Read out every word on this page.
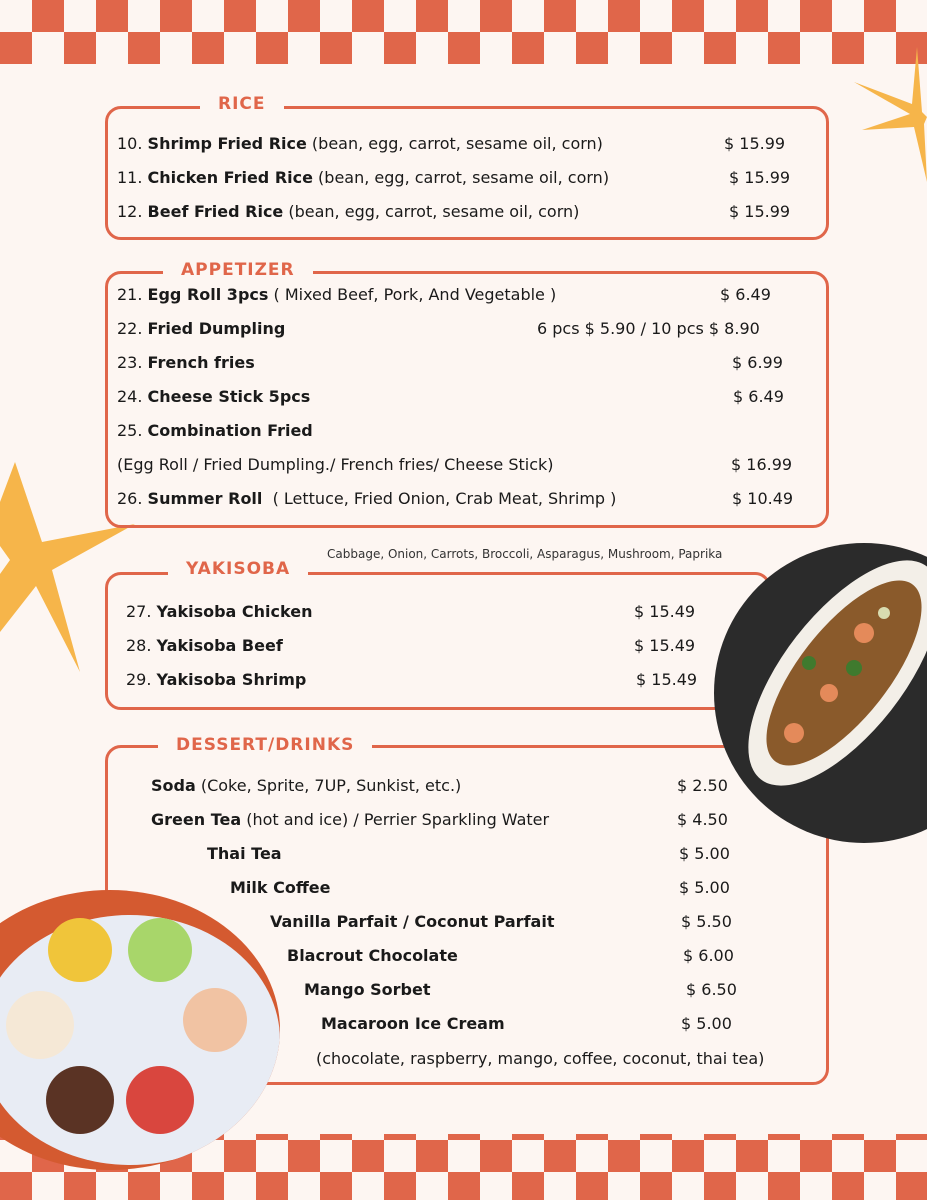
RICE
10. Shrimp Fried Rice (bean, egg, carrot, sesame oil, corn)	$ 15.99
11. Chicken Fried Rice (bean, egg, carrot, sesame oil, corn)	$ 15.99
12. Beef Fried Rice (bean, egg, carrot, sesame oil, corn)	$ 15.99
APPETIZER
21. Egg Roll 3pcs ( Mixed Beef, Pork, And Vegetable )	$ 6.49
22. Fried Dumpling	6 pcs $ 5.90 / 10 pcs $ 8.90
23. French fries	$ 6.99
24. Cheese Stick 5pcs	$ 6.49
25. Combination Fried
(Egg Roll / Fried Dumpling./ French fries/ Cheese Stick)	$ 16.99
26. Summer Roll  ( Lettuce, Fried Onion, Crab Meat, Shrimp )	$ 10.49
YAKISOBA
Cabbage, Onion, Carrots, Broccoli, Asparagus, Mushroom, Paprika
27. Yakisoba Chicken	$ 15.49
28. Yakisoba Beef	$ 15.49
29. Yakisoba Shrimp	$ 15.49
DESSERT/DRINKS
Soda (Coke, Sprite, 7UP, Sunkist, etc.)	$ 2.50
Green Tea (hot and ice) / Perrier Sparkling Water	$ 4.50
Thai Tea	$ 5.00
Milk Coffee	$ 5.00
Vanilla Parfait / Coconut Parfait	$ 5.50
Blacrout Chocolate	$ 6.00
Mango Sorbet	$ 6.50
Macaroon Ice Cream	$ 5.00
(chocolate, raspberry, mango, coffee, coconut, thai tea)
